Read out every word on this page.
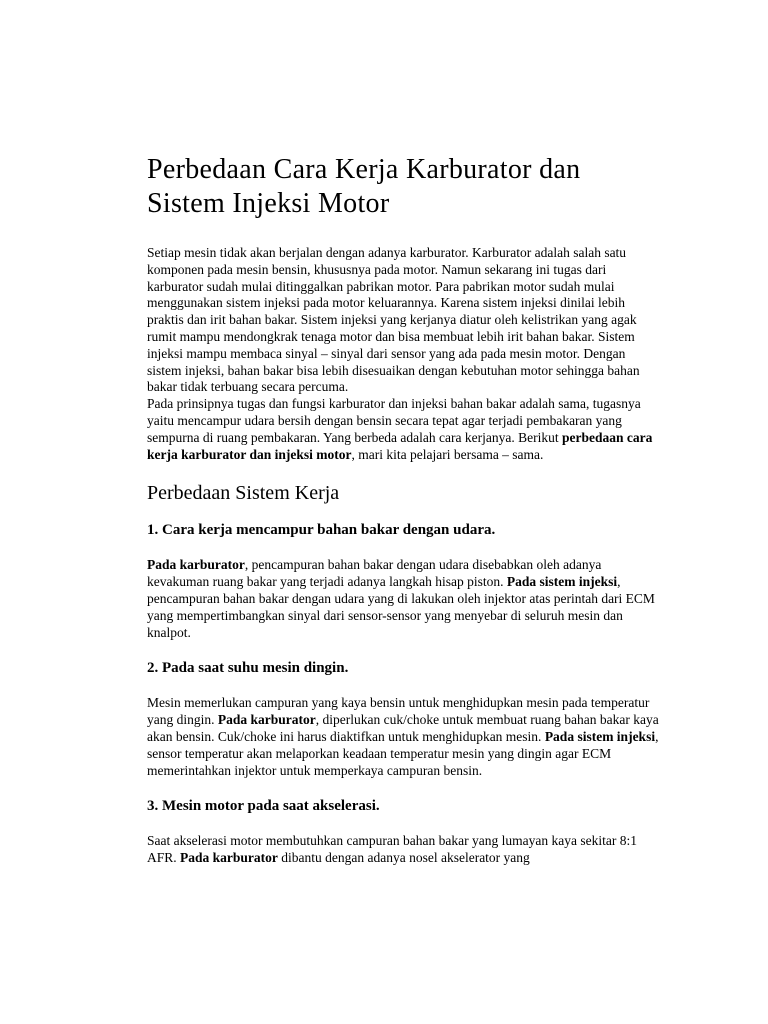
Perbedaan Cara Kerja Karburator dan Sistem Injeksi Motor

Setiap mesin tidak akan berjalan dengan adanya karburator. Karburator adalah salah satu komponen pada mesin bensin, khususnya pada motor. Namun sekarang ini tugas dari karburator sudah mulai ditinggalkan pabrikan motor. Para pabrikan motor sudah mulai menggunakan sistem injeksi pada motor keluarannya. Karena sistem injeksi dinilai lebih praktis dan irit bahan bakar. Sistem injeksi yang kerjanya diatur oleh kelistrikan yang agak rumit mampu mendongkrak tenaga motor dan bisa membuat lebih irit bahan bakar. Sistem injeksi mampu membaca sinyal – sinyal dari sensor yang ada pada mesin motor. Dengan sistem injeksi, bahan bakar bisa lebih disesuaikan dengan kebutuhan motor sehingga bahan bakar tidak terbuang secara percuma.

Pada prinsipnya tugas dan fungsi karburator dan injeksi bahan bakar adalah sama, tugasnya yaitu mencampur udara bersih dengan bensin secara tepat agar terjadi pembakaran yang sempurna di ruang pembakaran. Yang berbeda adalah cara kerjanya. Berikut perbedaan cara kerja karburator dan injeksi motor, mari kita pelajari bersama – sama.

Perbedaan Sistem Kerja
1. Cara kerja mencampur bahan bakar dengan udara.

Pada karburator, pencampuran bahan bakar dengan udara disebabkan oleh adanya kevakuman ruang bakar yang terjadi adanya langkah hisap piston. Pada sistem injeksi, pencampuran bahan bakar dengan udara yang di lakukan oleh injektor atas perintah dari ECM yang mempertimbangkan sinyal dari sensor-sensor yang menyebar di seluruh mesin dan knalpot.

2. Pada saat suhu mesin dingin.

Mesin memerlukan campuran yang kaya bensin untuk menghidupkan mesin pada temperatur yang dingin. Pada karburator, diperlukan cuk/choke untuk membuat ruang bahan bakar kaya akan bensin. Cuk/choke ini harus diaktifkan untuk menghidupkan mesin. Pada sistem injeksi, sensor temperatur akan melaporkan keadaan temperatur mesin yang dingin agar ECM memerintahkan injektor untuk memperkaya campuran bensin.

3. Mesin motor pada saat akselerasi.

Saat akselerasi motor membutuhkan campuran bahan bakar yang lumayan kaya sekitar 8:1 AFR. Pada karburator dibantu dengan adanya nosel akselerator yang
